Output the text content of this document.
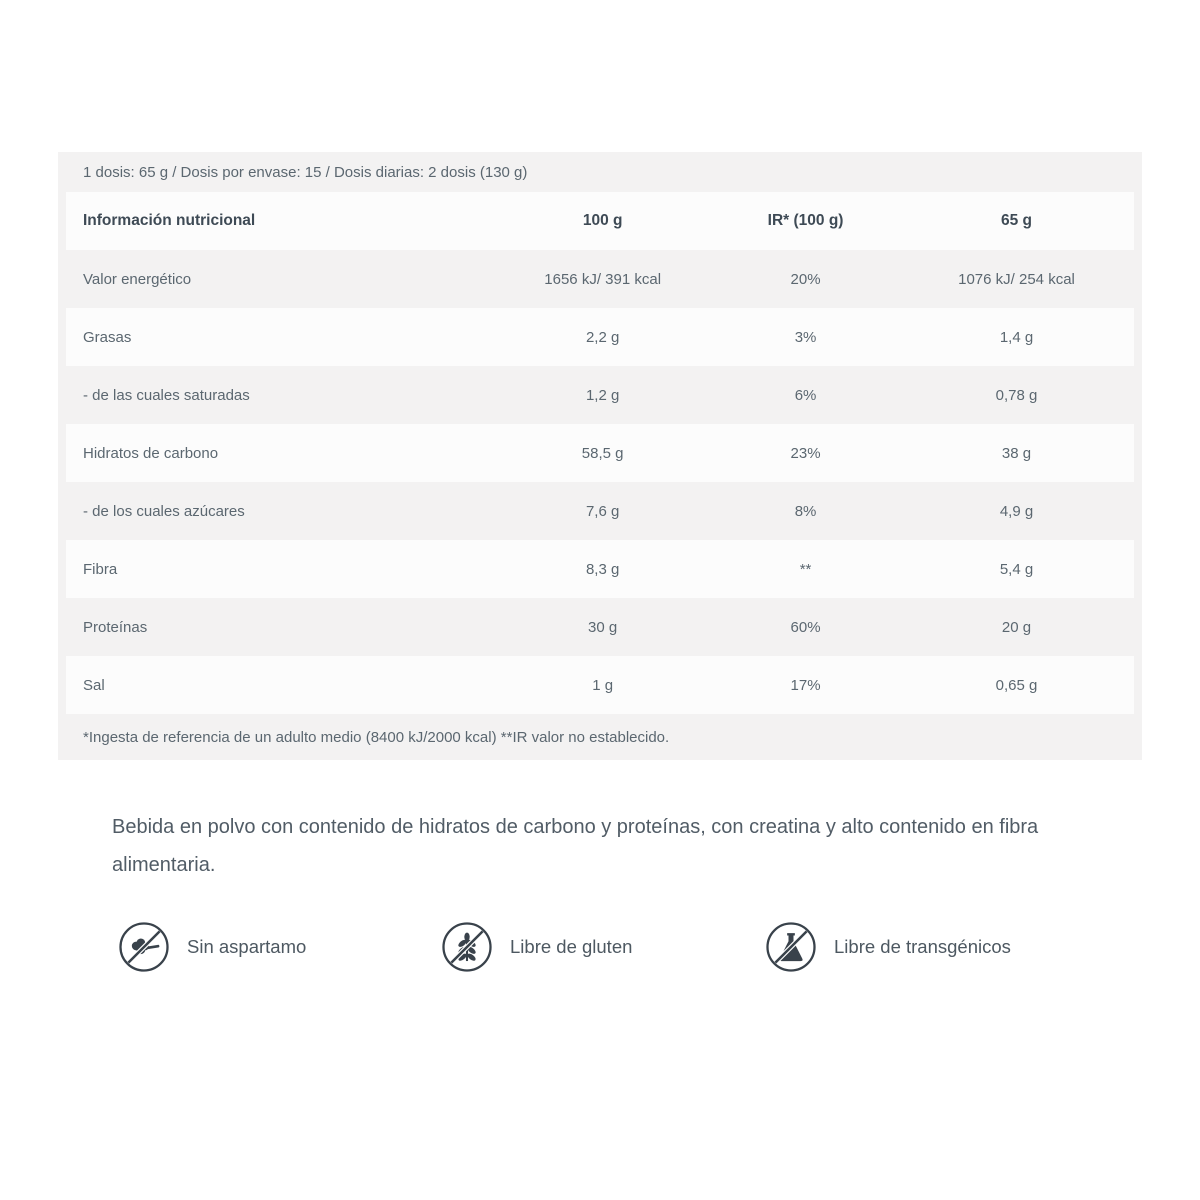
1 dosis: 65 g / Dosis por envase: 15 / Dosis diarias: 2 dosis (130 g)
Información nutricional	100 g	IR* (100 g)	65 g
Valor energético	1656 kJ/ 391 kcal	20%	1076 kJ/ 254 kcal
Grasas	2,2 g	3%	1,4 g
- de las cuales saturadas	1,2 g	6%	0,78 g
Hidratos de carbono	58,5 g	23%	38 g
- de los cuales azúcares	7,6 g	8%	4,9 g
Fibra	8,3 g	**	5,4 g
Proteínas	30 g	60%	20 g
Sal	1 g	17%	0,65 g
*Ingesta de referencia de un adulto medio (8400 kJ/2000 kcal) **IR valor no establecido.
Bebida en polvo con contenido de hidratos de carbono y proteínas, con creatina y alto contenido en fibra alimentaria.
Sin aspartamo	Libre de gluten	Libre de transgénicos
